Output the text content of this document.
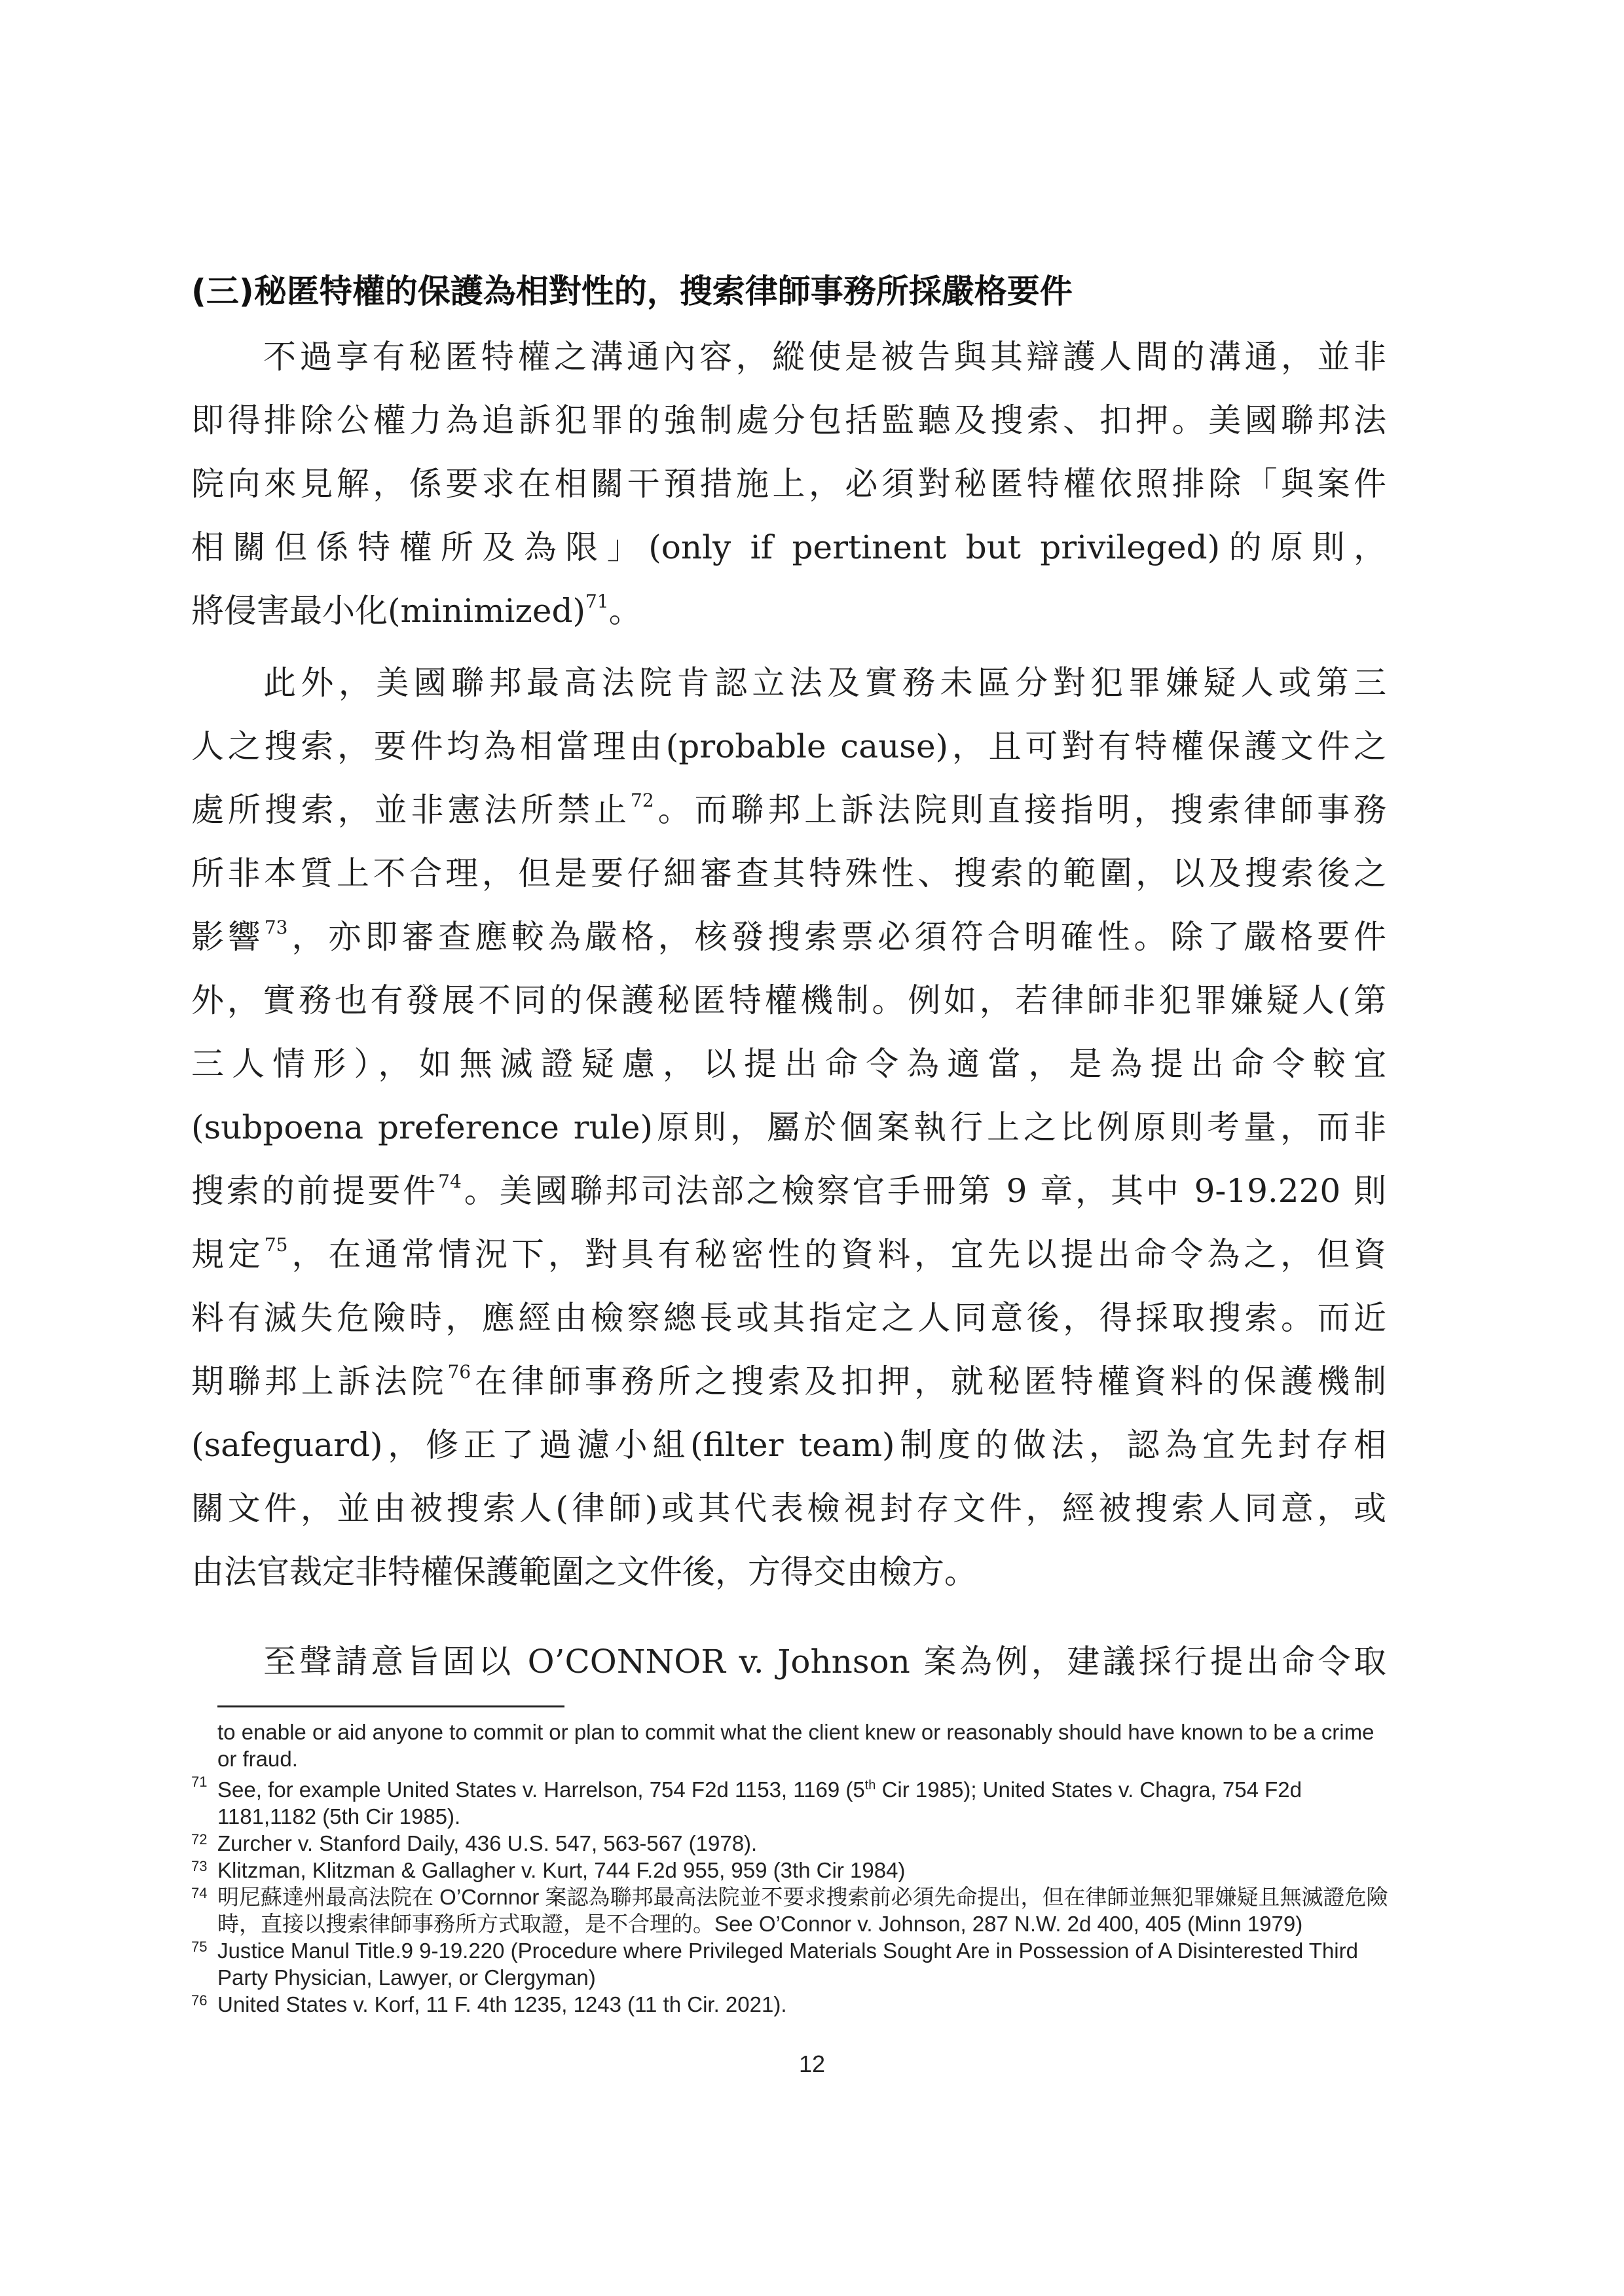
(三)秘匿特權的保護為相對性的，搜索律師事務所採嚴格要件
不過享有秘匿特權之溝通內容，縱使是被告與其辯護人間的溝通，並非
即得排除公權力為追訴犯罪的強制處分包括監聽及搜索、扣押。美國聯邦法
院向來見解，係要求在相關干預措施上，必須對秘匿特權依照排除「與案件
相關但係特權所及為限」(only if pertinent but privileged)的原則，
將侵害最小化(minimized)$^{71}$。
此外，美國聯邦最高法院肯認立法及實務未區分對犯罪嫌疑人或第三
人之搜索，要件均為相當理由(probable cause)，且可對有特權保護文件之
處所搜索，並非憲法所禁止$^{72}$。而聯邦上訴法院則直接指明，搜索律師事務
所非本質上不合理，但是要仔細審查其特殊性、搜索的範圍，以及搜索後之
影響$^{73}$，亦即審查應較為嚴格，核發搜索票必須符合明確性。除了嚴格要件
外，實務也有發展不同的保護秘匿特權機制。例如，若律師非犯罪嫌疑人(第
三人情形），如無滅證疑慮，以提出命令為適當，是為提出命令較宜
(subpoena preference rule)原則，屬於個案執行上之比例原則考量，而非
搜索的前提要件$^{74}$。美國聯邦司法部之檢察官手冊第 9 章，其中 9-19.220 則
規定$^{75}$，在通常情況下，對具有秘密性的資料，宜先以提出命令為之，但資
料有滅失危險時，應經由檢察總長或其指定之人同意後，得採取搜索。而近
期聯邦上訴法院$^{76}$在律師事務所之搜索及扣押，就秘匿特權資料的保護機制
(safeguard)，修正了過濾小組(filter team)制度的做法，認為宜先封存相
關文件，並由被搜索人(律師)或其代表檢視封存文件，經被搜索人同意，或
由法官裁定非特權保護範圍之文件後，方得交由檢方。
至聲請意旨固以 O’CONNOR v. Johnson 案為例，建議採行提出命令取

to enable or aid anyone to commit or plan to commit what the client knew or reasonably should have known to be a crime or fraud.

71 See, for example United States v. Harrelson, 754 F2d 1153, 1169 (5th Cir 1985); United States v. Chagra, 754 F2d 1181,1182 (5th Cir 1985).

72 Zurcher v. Stanford Daily, 436 U.S. 547, 563-567 (1978).

73 Klitzman, Klitzman & Gallagher v. Kurt, 744 F.2d 955, 959 (3th Cir 1984)

74 明尼蘇達州最高法院在 O’Cornnor 案認為聯邦最高法院並不要求搜索前必須先命提出，但在律師並無犯罪嫌疑且無滅證危險時，直接以搜索律師事務所方式取證，是不合理的。See O’Connor v. Johnson, 287 N.W. 2d 400, 405 (Minn 1979)

75 Justice Manul Title.9 9-19.220 (Procedure where Privileged Materials Sought Are in Possession of A Disinterested Third Party Physician, Lawyer, or Clergyman)

76 United States v. Korf, 11 F. 4th 1235, 1243 (11 th Cir. 2021).

12
